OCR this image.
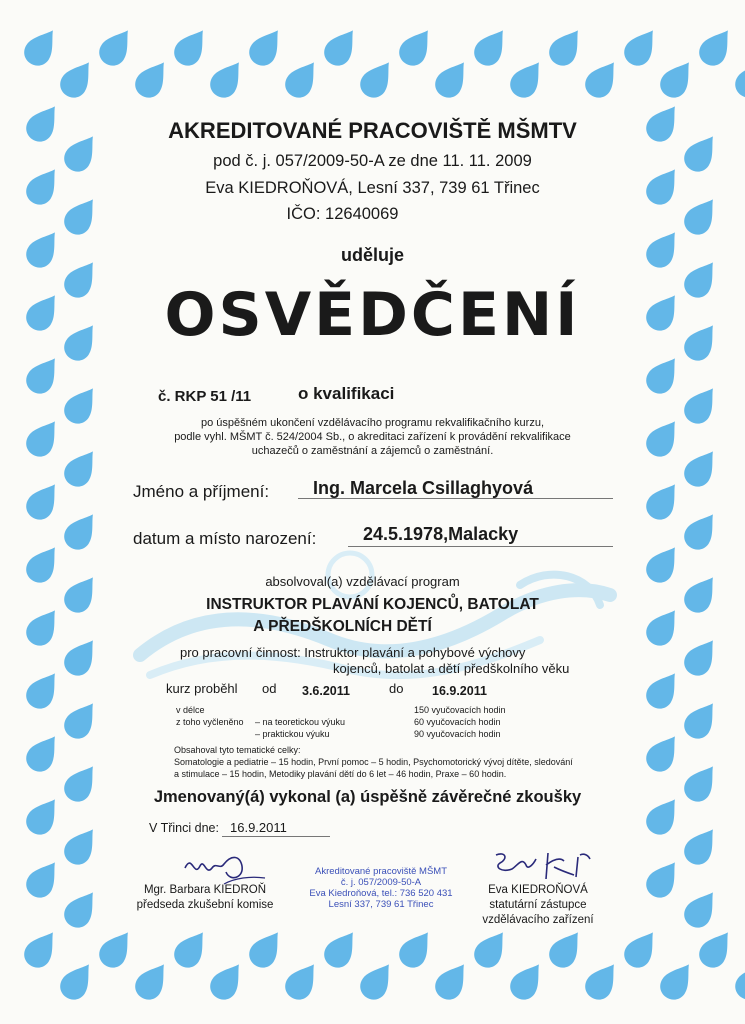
AKREDITOVANÉ PRACOVIŠTĚ MŠMTV
pod č. j. 057/2009-50-A ze dne 11. 11. 2009
Eva KIEDROŇOVÁ, Lesní 337, 739 61 Třinec
IČO: 12640069
uděluje
OSVĚDČENÍ
č. RKP 51 /11	o kvalifikaci
po úspěšném ukončení vzdělávacího programu rekvalifikačního kurzu,
podle vyhl. MŠMT č. 524/2004 Sb., o akreditaci zařízení k provádění rekvalifikace
uchazečů o zaměstnání a zájemců o zaměstnání.
Jméno a příjmení: Ing. Marcela Csillaghyová
datum a místo narození:	24.5.1978,Malacky
absolvoval(a) vzdělávací program
INSTRUKTOR PLAVÁNÍ KOJENCŮ, BATOLAT
A PŘEDŠKOLNÍCH DĚTÍ
pro pracovní činnost: Instruktor plavání a pohybové výchovy
kojenců, batolat a dětí předškolního věku
kurz proběhl od 3.6.2011	do 16.9.2011
v délce	150 vyučovacích hodin
z toho vyčleněno – na teoretickou výuku	60 vyučovacích hodin
– praktickou výuku	90 vyučovacích hodin
Obsahoval tyto tematické celky:
Somatologie a pediatrie – 15 hodin, První pomoc – 5 hodin, Psychomotorický vývoj dítěte, sledování
a stimulace – 15 hodin, Metodiky plavání dětí do 6 let – 46 hodin, Praxe – 60 hodin.
Jmenovaný(á) vykonal (a) úspěšně závěrečné zkoušky
V Třinci dne: 16.9.2011
Mgr. Barbara KIEDROŇ
předseda zkušební komise
Akreditované pracoviště MŠMT
č. j. 057/2009-50-A
Eva Kiedroňová, tel.: 736 520 431
Lesní 337, 739 61 Třinec
Eva KIEDROŇOVÁ
statutární zástupce
vzdělávacího zařízení
